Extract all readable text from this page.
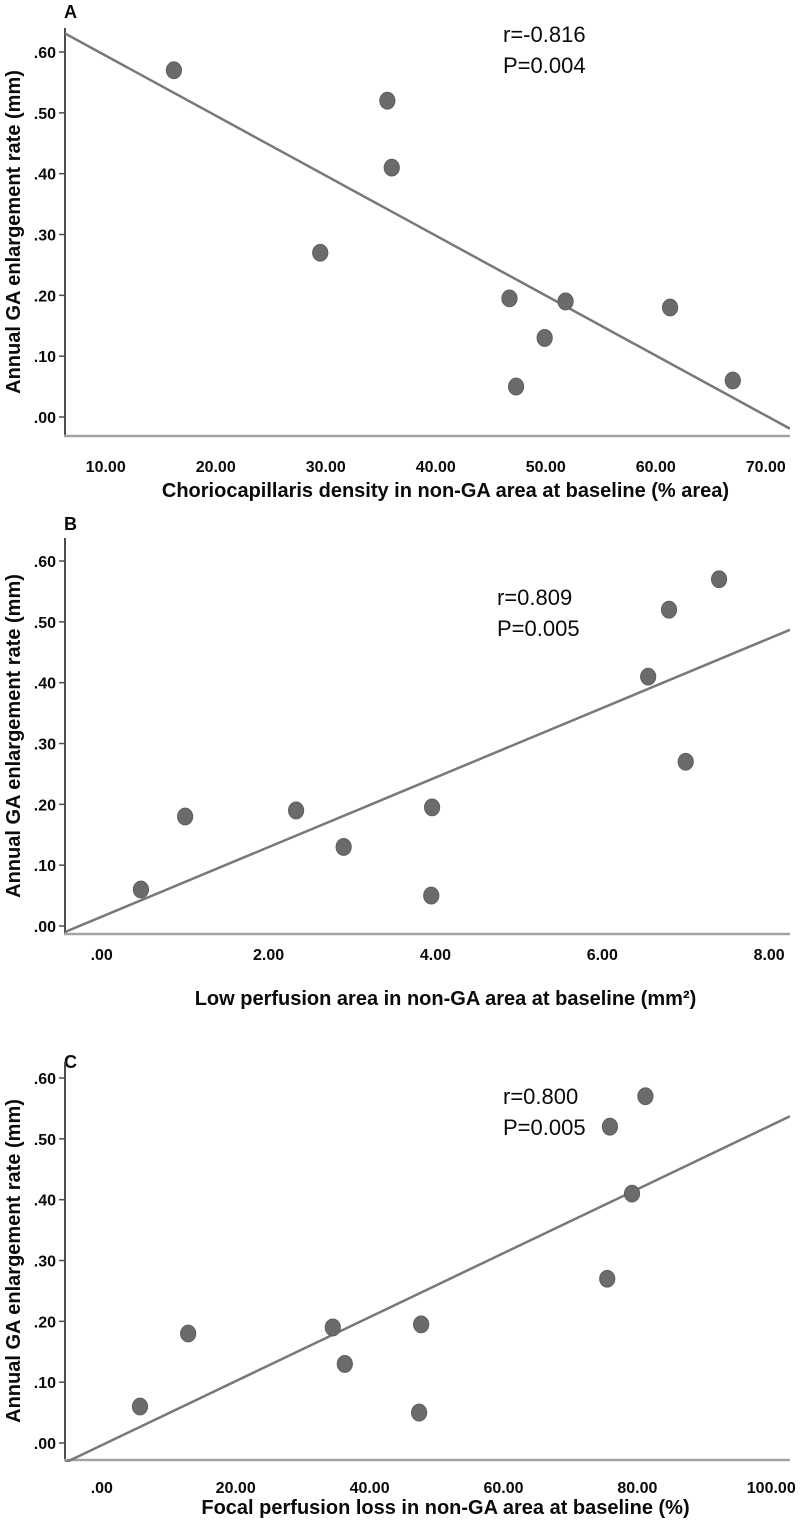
A
.00
.10
.20
.30
.40
.50
.60
10.00	20.00	30.00	40.00	50.00	60.00	70.00
r=-0.816
P=0.004
Choriocapillaris density in non-GA area at baseline (% area)
Annual GA enlargement rate (mm)
B
.00
.10
.20
.30
.40
.50
.60
.00	2.00	4.00	6.00	8.00
r=0.809
P=0.005
Low perfusion area in non-GA area at baseline (mm²)
Annual GA enlargement rate (mm)
C
.00
.10
.20
.30
.40
.50
.60
.00	20.00	40.00	60.00	80.00	100.00
r=0.800
P=0.005
Focal perfusion loss in non-GA area at baseline (%)
Annual GA enlargement rate (mm)
